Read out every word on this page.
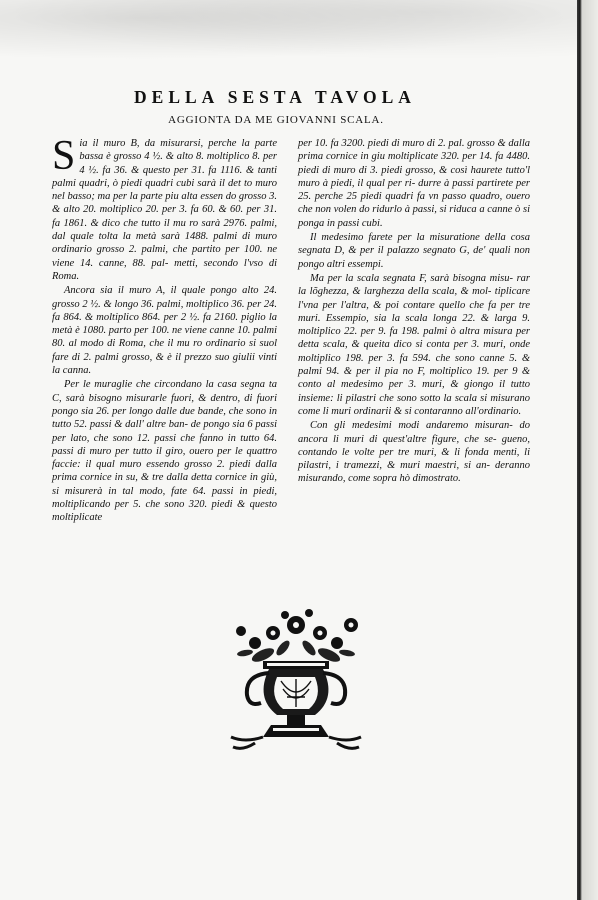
DELLA SESTA TAVOLA
AGGIONTA DA ME GIOVANNI SCALA.

Sia il muro B, da misurarsi, perche la parte bassa è grosso 4 ½. & alto 8. moltiplico 8. per 4 ½. fa 36. & questo per 31. fa 1116. & tanti palmi quadri, ò piedi quadri cubi sarà il det to muro nel basso; ma per la parte piu alta essen do grosso 3. & alto 20. moltiplico 20. per 3. fa 60. & 60. per 31. fa 1861. & dico che tutto il mu ro sarà 2976. palmi, dal quale tolta la metà sarà 1488. palmi di muro ordinario grosso 2. palmi, che partito per 100. ne viene 14. canne, 88. pal- metti, secondo l'vso di Roma.

Ancora sia il muro A, il quale pongo alto 24. grosso 2 ½. & longo 36. palmi, moltiplico 36. per 24. fa 864. & moltiplico 864. per 2 ½. fa 2160. piglio la metà è 1080. parto per 100. ne viene canne 10. palmi 80. al modo di Roma, che il mu ro ordinario si suol fare di 2. palmi grosso, & è il prezzo suo giulii vinti la canna.

Per le muraglie che circondano la casa segna ta C, sarà bisogno misurarle fuori, & dentro, di fuori pongo sia 26. per longo dalle due bande, che sono in tutto 52. passi & dall' altre ban- de pongo sia 6 passi per lato, che sono 12. passi che fanno in tutto 64. passi di muro per tutto il giro, ouero per le quattro faccie: il qual muro essendo grosso 2. piedi dalla prima cornice in su, & tre dalla detta cornice in giù, si misurerà in tal modo, fate 64. passi in piedi, moltiplicando per 5. che sono 320. piedi & questo moltiplicate

per 10. fa 3200. piedi di muro di 2. pal. grosso & dalla prima cornice in giu moltiplicate 320. per 14. fa 4480. piedi di muro di 3. piedi grosso, & così haurete tutto'l muro à piedi, il qual per ri- durre à passi partirete per 25. perche 25 piedi quadri fa vn passo quadro, ouero che non volen do ridurlo à passi, si riduca a canne ò si ponga in passi cubi.

Il medesimo farete per la misuratione della cosa segnata D, & per il palazzo segnato G, de' quali non pongo altri essempi.

Ma per la scala segnata F, sarà bisogna misu- rar la lõghezza, & larghezza della scala, & mol- tiplicare l'vna per l'altra, & poi contare quello che fa per tre muri. Essempio, sia la scala longa 22. & larga 9. moltiplico 22. per 9. fa 198. palmi ò altra misura per detta scala, & queita dico si conta per 3. muri, onde moltiplico 198. per 3. fa 594. che sono canne 5. & palmi 94. & per il pia no F, moltiplico 19. per 9 & conto al medesimo per 3. muri, & giongo il tutto insieme: li pilastri che sono sotto la scala si misurano come li muri ordinarii & si contaranno all'ordinario.

Con gli medesimi modi andaremo misuran- do ancora li muri di quest'altre figure, che se- gueno, contando le volte per tre muri, & li fonda menti, li pilastri, i tramezzi, & muri maestri, si an- deranno misurando, come sopra hò dimostrato.
